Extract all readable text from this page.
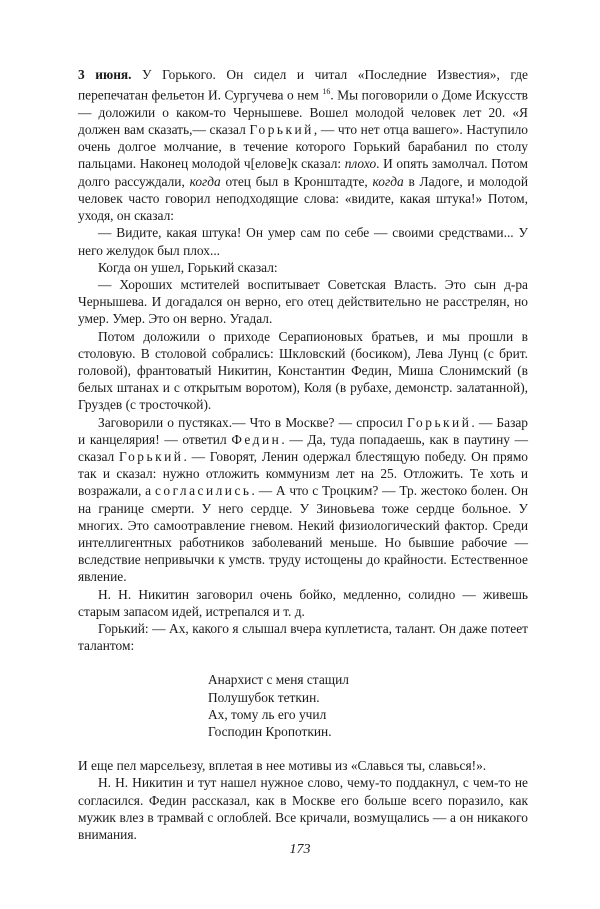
3 июня. У Горького. Он сидел и читал «Последние Известия», где перепечатан фельетон И. Сургучева о нем $^{16}$. Мы поговорили о Доме Искусств — доложили о каком-то Чернышеве. Вошел молодой человек лет 20. «Я должен вам сказать,— сказал Горький, — что нет отца вашего». Наступило очень долгое молчание, в течение которого Горький барабанил по столу пальцами. Наконец молодой ч[елове]к сказал: плохо. И опять замолчал. Потом долго рассуждали, когда отец был в Кронштадте, когда в Ладоге, и молодой человек часто говорил неподходящие слова: «видите, какая штука!» Потом, уходя, он сказал:

— Видите, какая штука! Он умер сам по себе — своими средствами... У него желудок был плох...

Когда он ушел, Горький сказал:

— Хороших мстителей воспитывает Советская Власть. Это сын д-ра Чернышева. И догадался он верно, его отец действительно не расстрелян, но умер. Умер. Это он верно. Угадал.

Потом доложили о приходе Серапионовых братьев, и мы прошли в столовую. В столовой собрались: Шкловский (босиком), Лева Лунц (с брит. головой), франтоватый Никитин, Константин Федин, Миша Слонимский (в белых штанах и с открытым воротом), Коля (в рубахе, демонстр. залатанной), Груздев (с тросточкой).

Заговорили о пустяках.— Что в Москве? — спросил Горький. — Базар и канцелярия! — ответил Федин. — Да, туда попадаешь, как в паутину — сказал Горький. — Говорят, Ленин одержал блестящую победу. Он прямо так и сказал: нужно отложить коммунизм лет на 25. Отложить. Те хоть и возражали, а согласились. — А что с Троцким? — Тр. жестоко болен. Он на границе смерти. У него сердце. У Зиновьева тоже сердце больное. У многих. Это самоотравление гневом. Некий физиологический фактор. Среди интеллигентных работников заболеваний меньше. Но бывшие рабочие — вследствие непривычки к умств. труду истощены до крайности. Естественное явление.

Н. Н. Никитин заговорил очень бойко, медленно, солидно — живешь старым запасом идей, истрепался и т. д.

Горький: — Ах, какого я слышал вчера куплетиста, талант. Он даже потеет талантом:

Анархист с меня стащил
Полушубок теткин.
Ах, тому ль его учил
Господин Кропоткин.

И еще пел марсельезу, вплетая в нее мотивы из «Славься ты, славься!».

Н. Н. Никитин и тут нашел нужное слово, чему-то поддакнул, с чем-то не согласился. Федин рассказал, как в Москве его больше всего поразило, как мужик влез в трамвай с оглоблей. Все кричали, возмущались — а он никакого внимания.

173
